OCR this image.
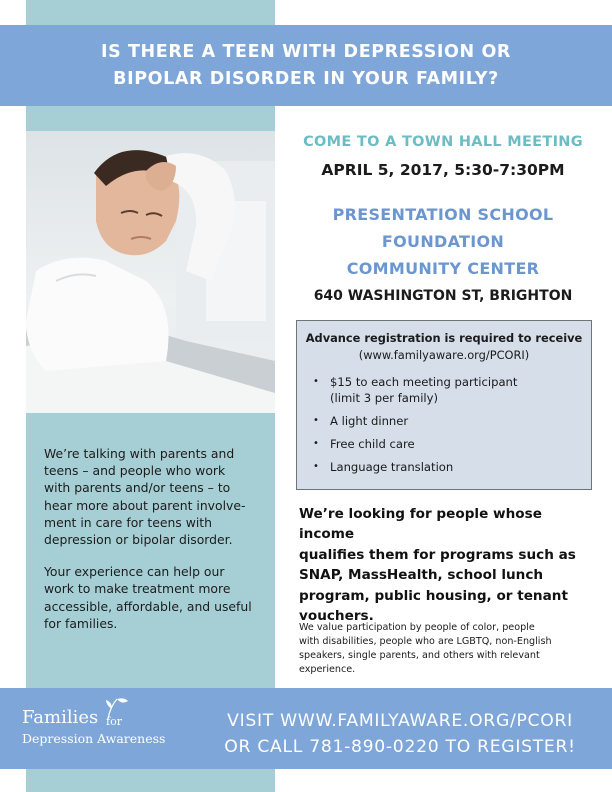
IS THERE A TEEN WITH DEPRESSION OR
BIPOLAR DISORDER IN YOUR FAMILY?

We’re talking with parents and
teens – and people who work
with parents and/or teens – to
hear more about parent involve-
ment in care for teens with
depression or bipolar disorder.

Your experience can help our
work to make treatment more
accessible, affordable, and useful
for families.

COME TO A TOWN HALL MEETING
APRIL 5, 2017, 5:30-7:30PM
PRESENTATION SCHOOL
FOUNDATION
COMMUNITY CENTER
640 WASHINGTON ST, BRIGHTON
Advance registration is required to receive
(www.familyaware.org/PCORI)
• $15 to each meeting participant
(limit 3 per family)
• A light dinner
• Free child care
• Language translation
We’re looking for people whose income
qualifies them for programs such as
SNAP, MassHealth, school lunch
program, public housing, or tenant
vouchers.
We value participation by people of color, people
with disabilities, people who are LGBTQ, non-English
speakers, single parents, and others with relevant
experience.
Families for
Depression Awareness
VISIT WWW.FAMILYAWARE.ORG/PCORI
OR CALL 781-890-0220 TO REGISTER!
